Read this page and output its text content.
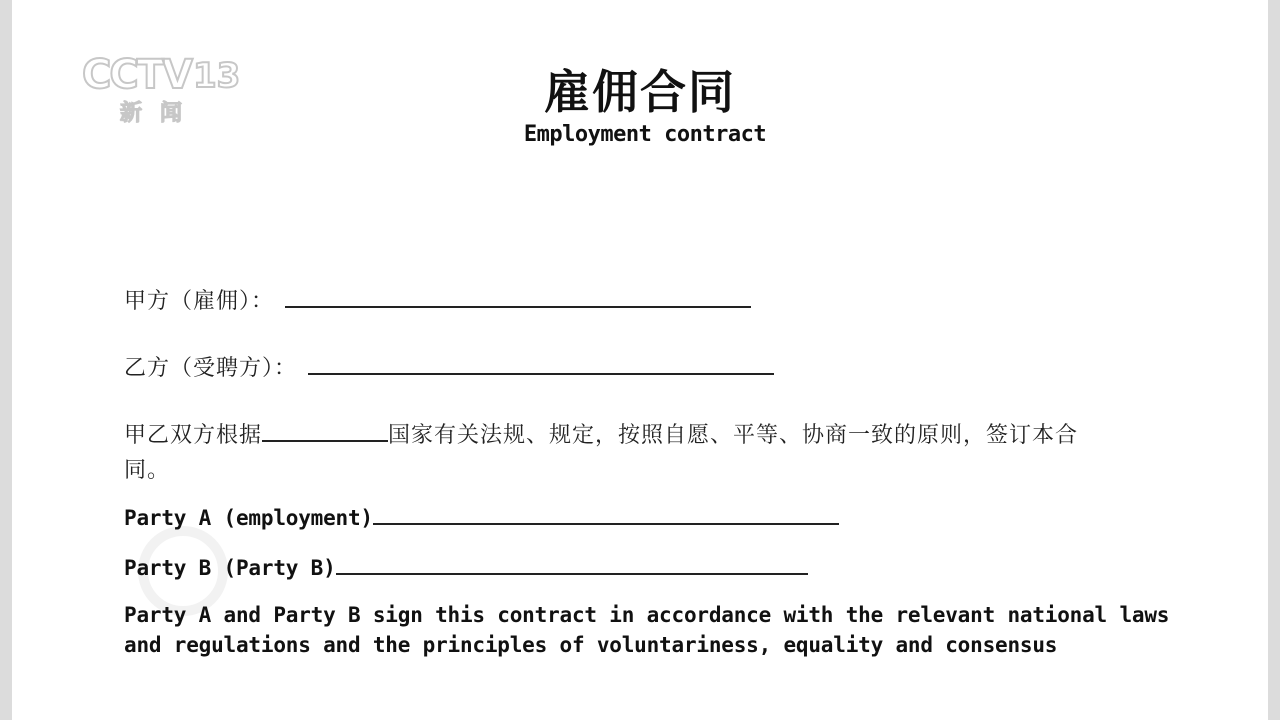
CCTV 13
新闻	雇佣合同
Employment contract
甲方（雇佣）：
乙方（受聘方）：
甲乙双方根据	国家有关法规、规定，按照自愿、平等、协商一致的原则，签订本合
同。
Party A (employment)
Party B (Party B)
Party A and Party B sign this contract in accordance with the relevant national laws
and regulations and the principles of voluntariness, equality and consensus
